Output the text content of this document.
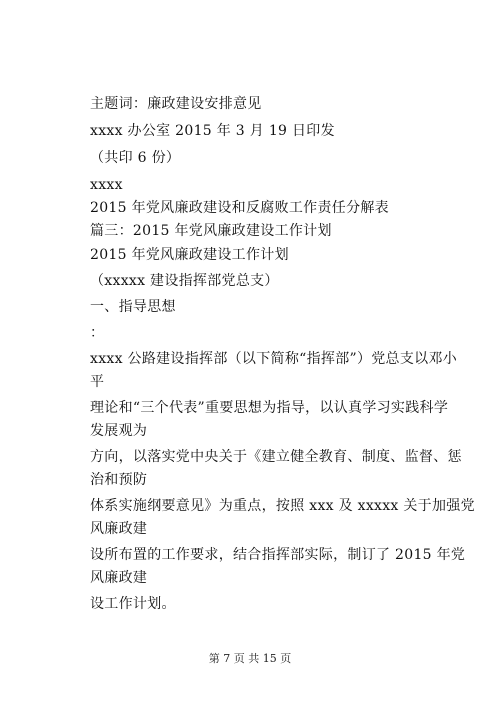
主题词：廉政建设安排意见
xxxx 办公室 2015 年 3 月 19 日印发
（共印 6 份）
xxxx
2015 年党风廉政建设和反腐败工作责任分解表
篇三：2015 年党风廉政建设工作计划
2015 年党风廉政建设工作计划
（xxxxx 建设指挥部党总支）
一、指导思想
：
xxxx 公路建设指挥部（以下简称“指挥部”）党总支以邓小
平
理论和“三个代表”重要思想为指导，以认真学习实践科学
发展观为
方向，以落实党中央关于《建立健全教育、制度、监督、惩
治和预防
体系实施纲要意见》为重点，按照 xxx 及 xxxxx 关于加强党
风廉政建
设所布置的工作要求，结合指挥部实际，制订了 2015 年党
风廉政建
设工作计划。
第 7 页 共 15 页
